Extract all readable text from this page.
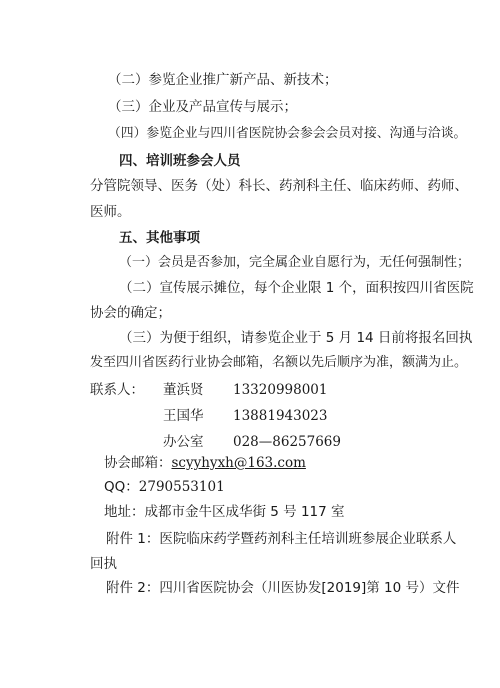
（二）参览企业推广新产品、新技术；
（三）企业及产品宣传与展示；
（四）参览企业与四川省医院协会参会会员对接、沟通与洽谈。
四、培训班参会人员
分管院领导、医务（处）科长、药剂科主任、临床药师、药师、
医师。
五、其他事项
（一）会员是否参加，完全属企业自愿行为，无任何强制性；
（二）宣传展示摊位，每个企业限 1 个，面积按四川省医院
协会的确定；
（三）为便于组织，请参览企业于 5 月 14 日前将报名回执
发至四川省医药行业协会邮箱，名额以先后顺序为准，额满为止。
联系人： 董浜贤 13320998001
王国华 13881943023
办公室 028—86257669
协会邮箱：scyyhyxh@163.com
QQ：2790553101
地址：成都市金牛区成华街 5 号 117 室
附件 1：医院临床药学暨药剂科主任培训班参展企业联系人
回执
附件 2：四川省医院协会（川医协发[2019]第 10 号）文件
